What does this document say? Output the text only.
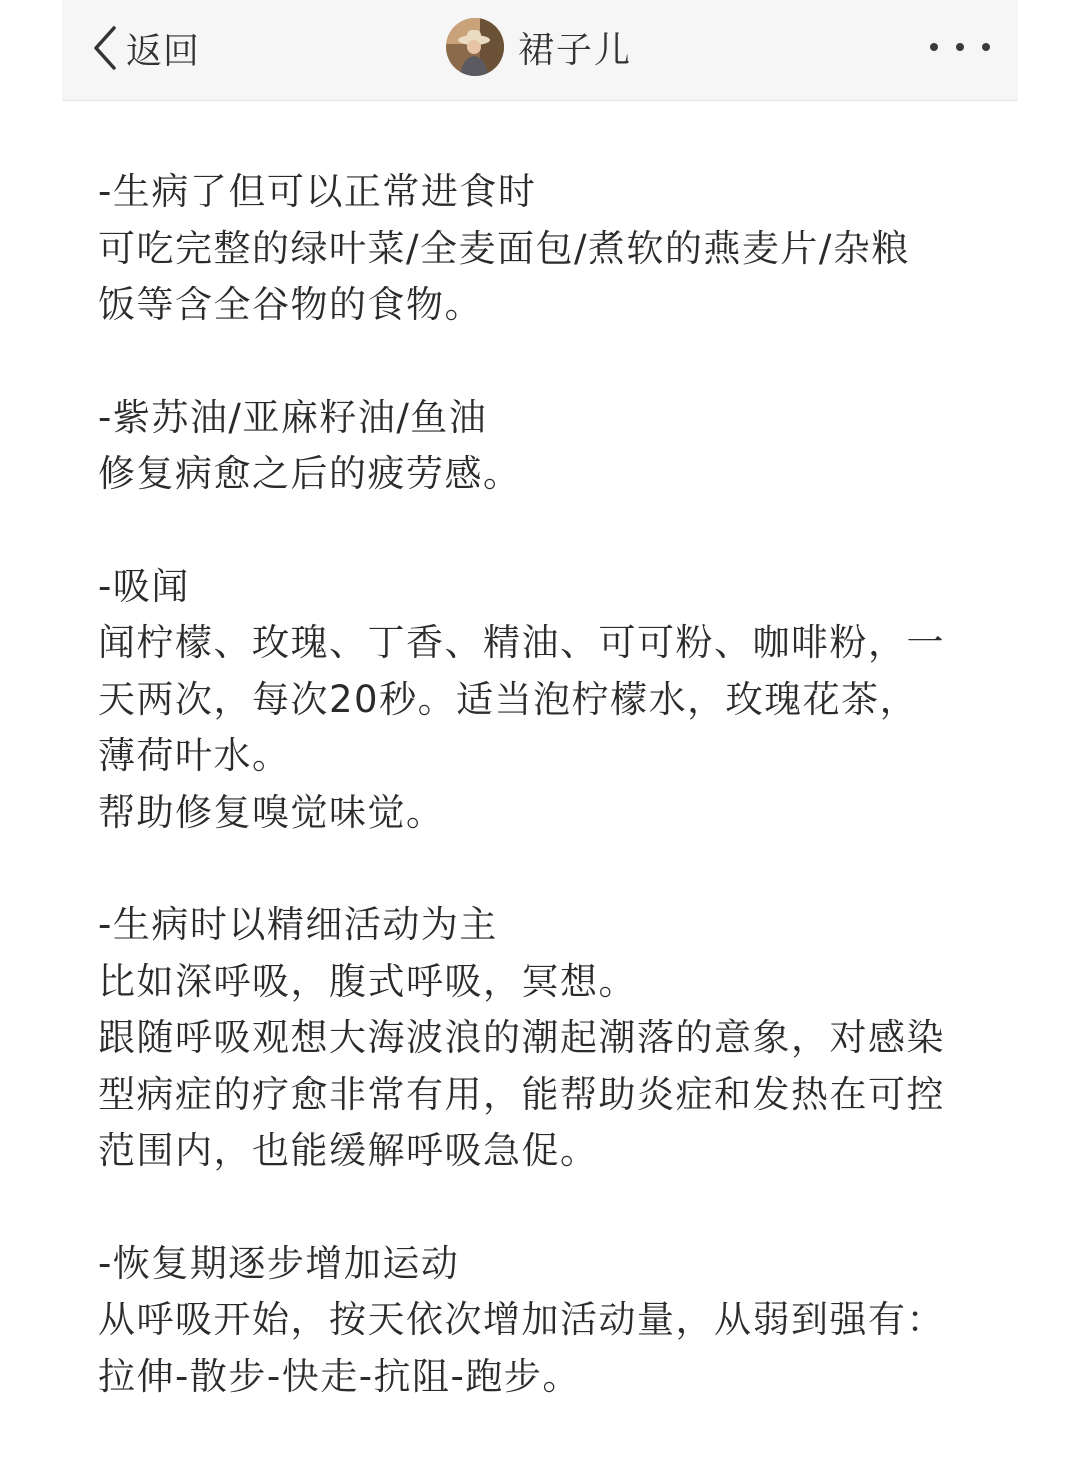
返回	裙子儿
-生病了但可以正常进食时
可吃完整的绿叶菜/全麦面包/煮软的燕麦片/杂粮
饭等含全谷物的食物。
-紫苏油/亚麻籽油/鱼油
修复病愈之后的疲劳感。
-吸闻
闻柠檬、玫瑰、丁香、精油、可可粉、咖啡粉，一
天两次，每次20秒。适当泡柠檬水，玫瑰花茶，
薄荷叶水。
帮助修复嗅觉味觉。
-生病时以精细活动为主
比如深呼吸，腹式呼吸，冥想。
跟随呼吸观想大海波浪的潮起潮落的意象，对感染
型病症的疗愈非常有用，能帮助炎症和发热在可控
范围内，也能缓解呼吸急促。
-恢复期逐步增加运动
从呼吸开始，按天依次增加活动量，从弱到强有：
拉伸-散步-快走-抗阻-跑步。
